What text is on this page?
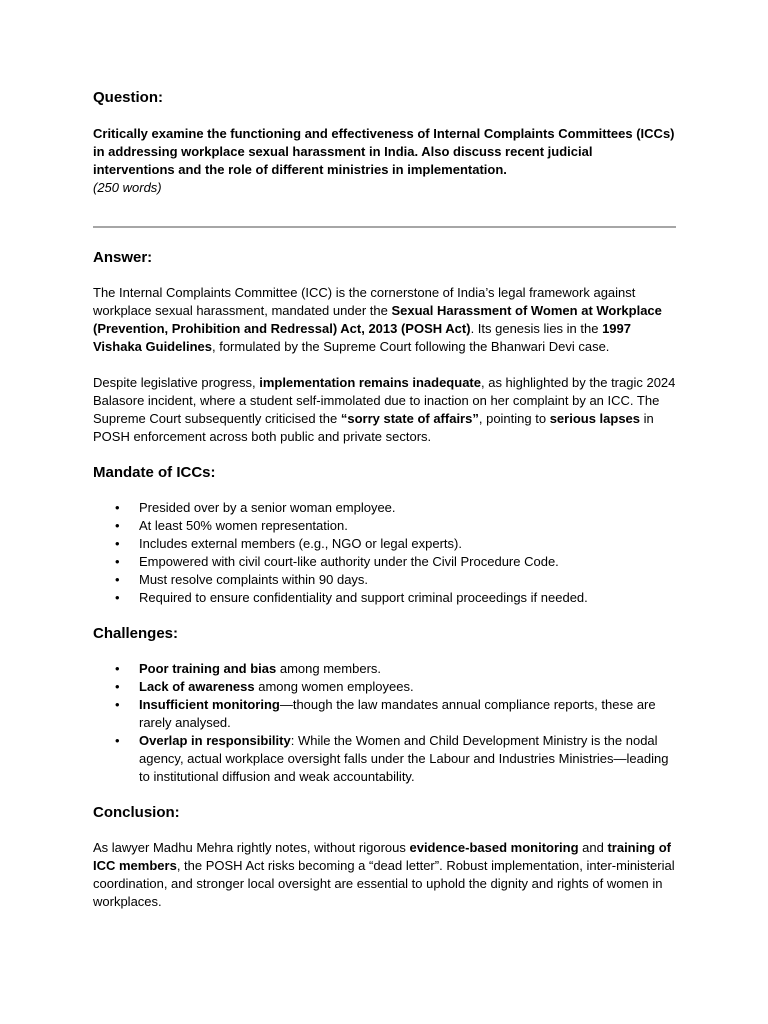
Question:

Critically examine the functioning and effectiveness of Internal Complaints Committees (ICCs) in addressing workplace sexual harassment in India. Also discuss recent judicial interventions and the role of different ministries in implementation.

(250 words)

Answer:

The Internal Complaints Committee (ICC) is the cornerstone of India’s legal framework against workplace sexual harassment, mandated under the Sexual Harassment of Women at Workplace (Prevention, Prohibition and Redressal) Act, 2013 (POSH Act). Its genesis lies in the 1997 Vishaka Guidelines, formulated by the Supreme Court following the Bhanwari Devi case.

Despite legislative progress, implementation remains inadequate, as highlighted by the tragic 2024 Balasore incident, where a student self-immolated due to inaction on her complaint by an ICC. The Supreme Court subsequently criticised the “sorry state of affairs”, pointing to serious lapses in POSH enforcement across both public and private sectors.

Mandate of ICCs:
• Presided over by a senior woman employee.
• At least 50% women representation.
• Includes external members (e.g., NGO or legal experts).
• Empowered with civil court-like authority under the Civil Procedure Code.
• Must resolve complaints within 90 days.
• Required to ensure confidentiality and support criminal proceedings if needed.
Challenges:
• Poor training and bias among members.
• Lack of awareness among women employees.
• Insufficient monitoring—though the law mandates annual compliance reports, these are rarely analysed.
• Overlap in responsibility: While the Women and Child Development Ministry is the nodal agency, actual workplace oversight falls under the Labour and Industries Ministries—leading to institutional diffusion and weak accountability.
Conclusion:

As lawyer Madhu Mehra rightly notes, without rigorous evidence-based monitoring and training of ICC members, the POSH Act risks becoming a “dead letter”. Robust implementation, inter-ministerial coordination, and stronger local oversight are essential to uphold the dignity and rights of women in workplaces.
